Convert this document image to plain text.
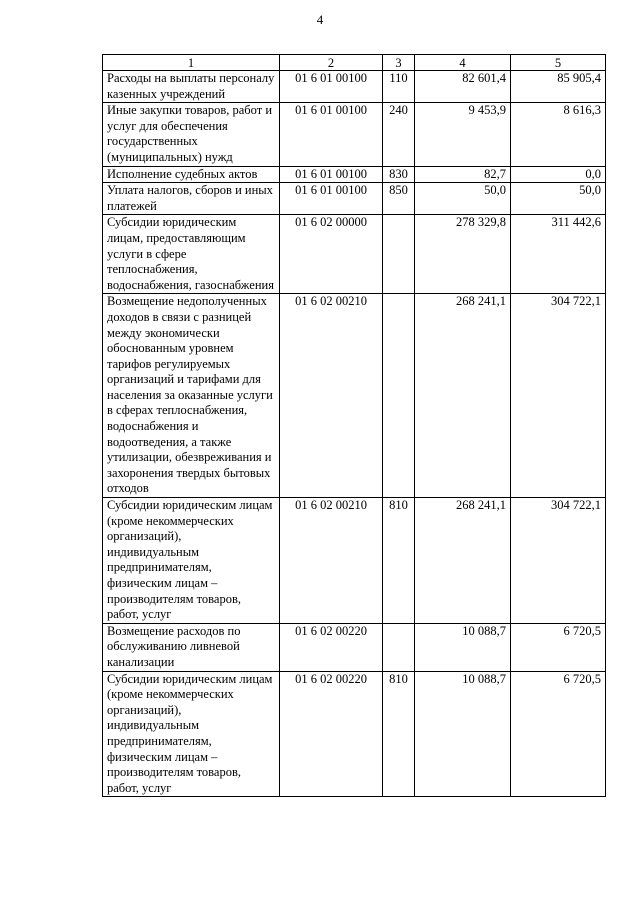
4
1	2	3	4	5
Расходы на выплаты персоналу казенных учреждений	01 6 01 00100	110	82 601,4	85 905,4
Иные закупки товаров, работ и услуг для обеспечения государственных (муниципальных) нужд	01 6 01 00100	240	9 453,9	8 616,3
Исполнение судебных актов	01 6 01 00100	830	82,7	0,0
Уплата налогов, сборов и иных платежей	01 6 01 00100	850	50,0	50,0
Субсидии юридическим лицам, предоставляющим услуги в сфере теплоснабжения, водоснабжения, газоснабжения	01 6 02 00000		278 329,8	311 442,6
Возмещение недополученных доходов в связи с разницей между экономически обоснованным уровнем тарифов регулируемых организаций и тарифами для населения за оказанные услуги в сферах теплоснабжения, водоснабжения и водоотведения, а также утилизации, обезвреживания и захоронения твердых бытовых отходов	01 6 02 00210		268 241,1	304 722,1
Субсидии юридическим лицам (кроме некоммерческих организаций), индивидуальным предпринимателям, физическим лицам – производителям товаров, работ, услуг	01 6 02 00210	810	268 241,1	304 722,1
Возмещение расходов по обслуживанию ливневой канализации	01 6 02 00220		10 088,7	6 720,5
Субсидии юридическим лицам (кроме некоммерческих организаций), индивидуальным предпринимателям, физическим лицам – производителям товаров, работ, услуг	01 6 02 00220	810	10 088,7	6 720,5
